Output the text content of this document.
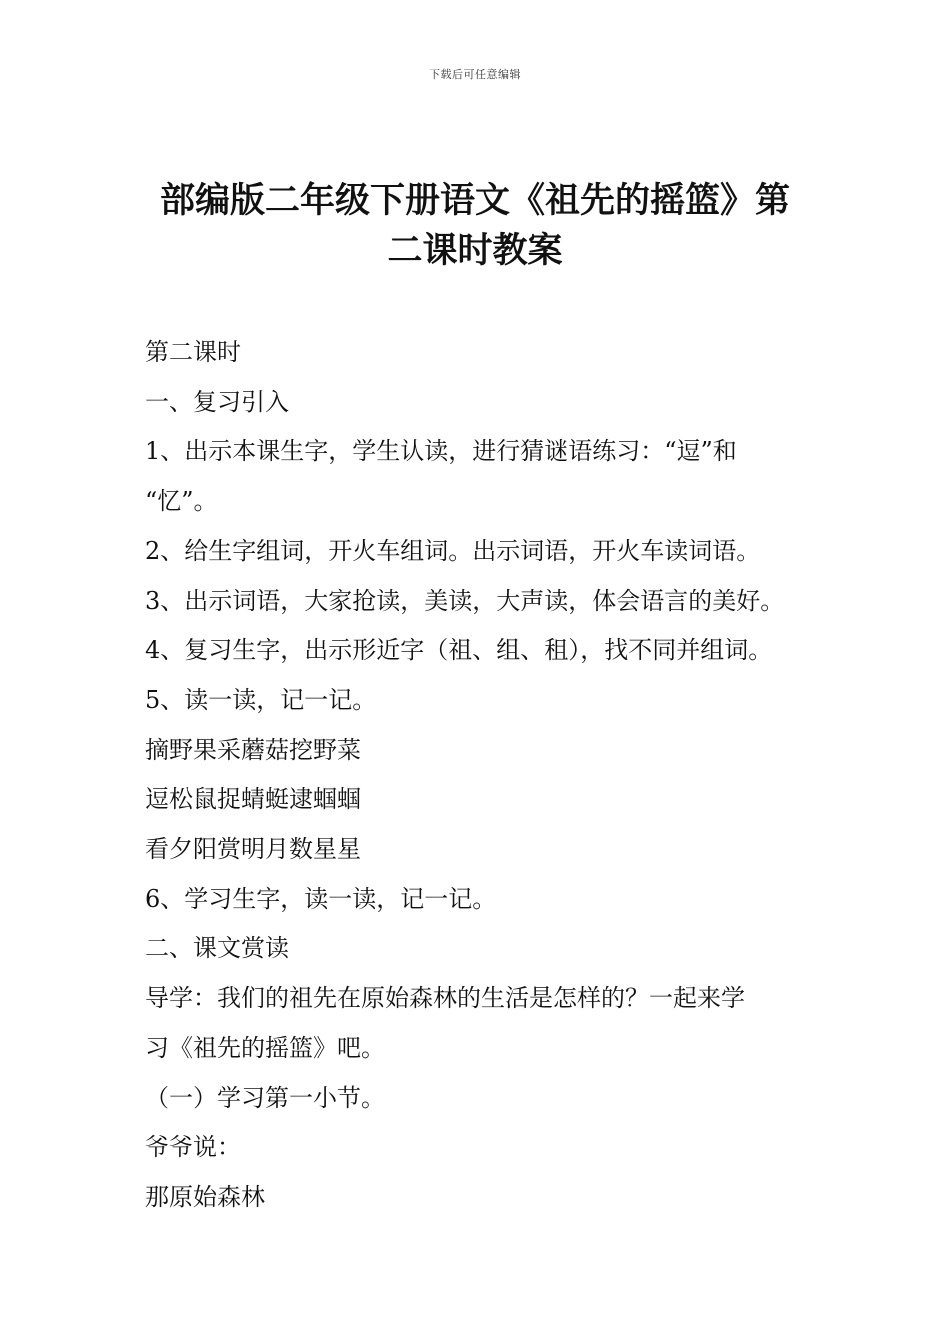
下载后可任意编辑
部编版二年级下册语文《祖先的摇篮》第
二课时教案

第二课时

一、复习引入

1、出示本课生字，学生认读，进行猜谜语练习：“逗”和

“忆”。

2、给生字组词，开火车组词。出示词语，开火车读词语。

3、出示词语，大家抢读，美读，大声读，体会语言的美好。

4、复习生字，出示形近字（祖、组、租），找不同并组词。

5、读一读，记一记。

摘野果采蘑菇挖野菜

逗松鼠捉蜻蜓逮蝈蝈

看夕阳赏明月数星星

6、学习生字，读一读，记一记。

二、课文赏读

导学：我们的祖先在原始森林的生活是怎样的？一起来学

习《祖先的摇篮》吧。

（一）学习第一小节。

爷爷说：

那原始森林
